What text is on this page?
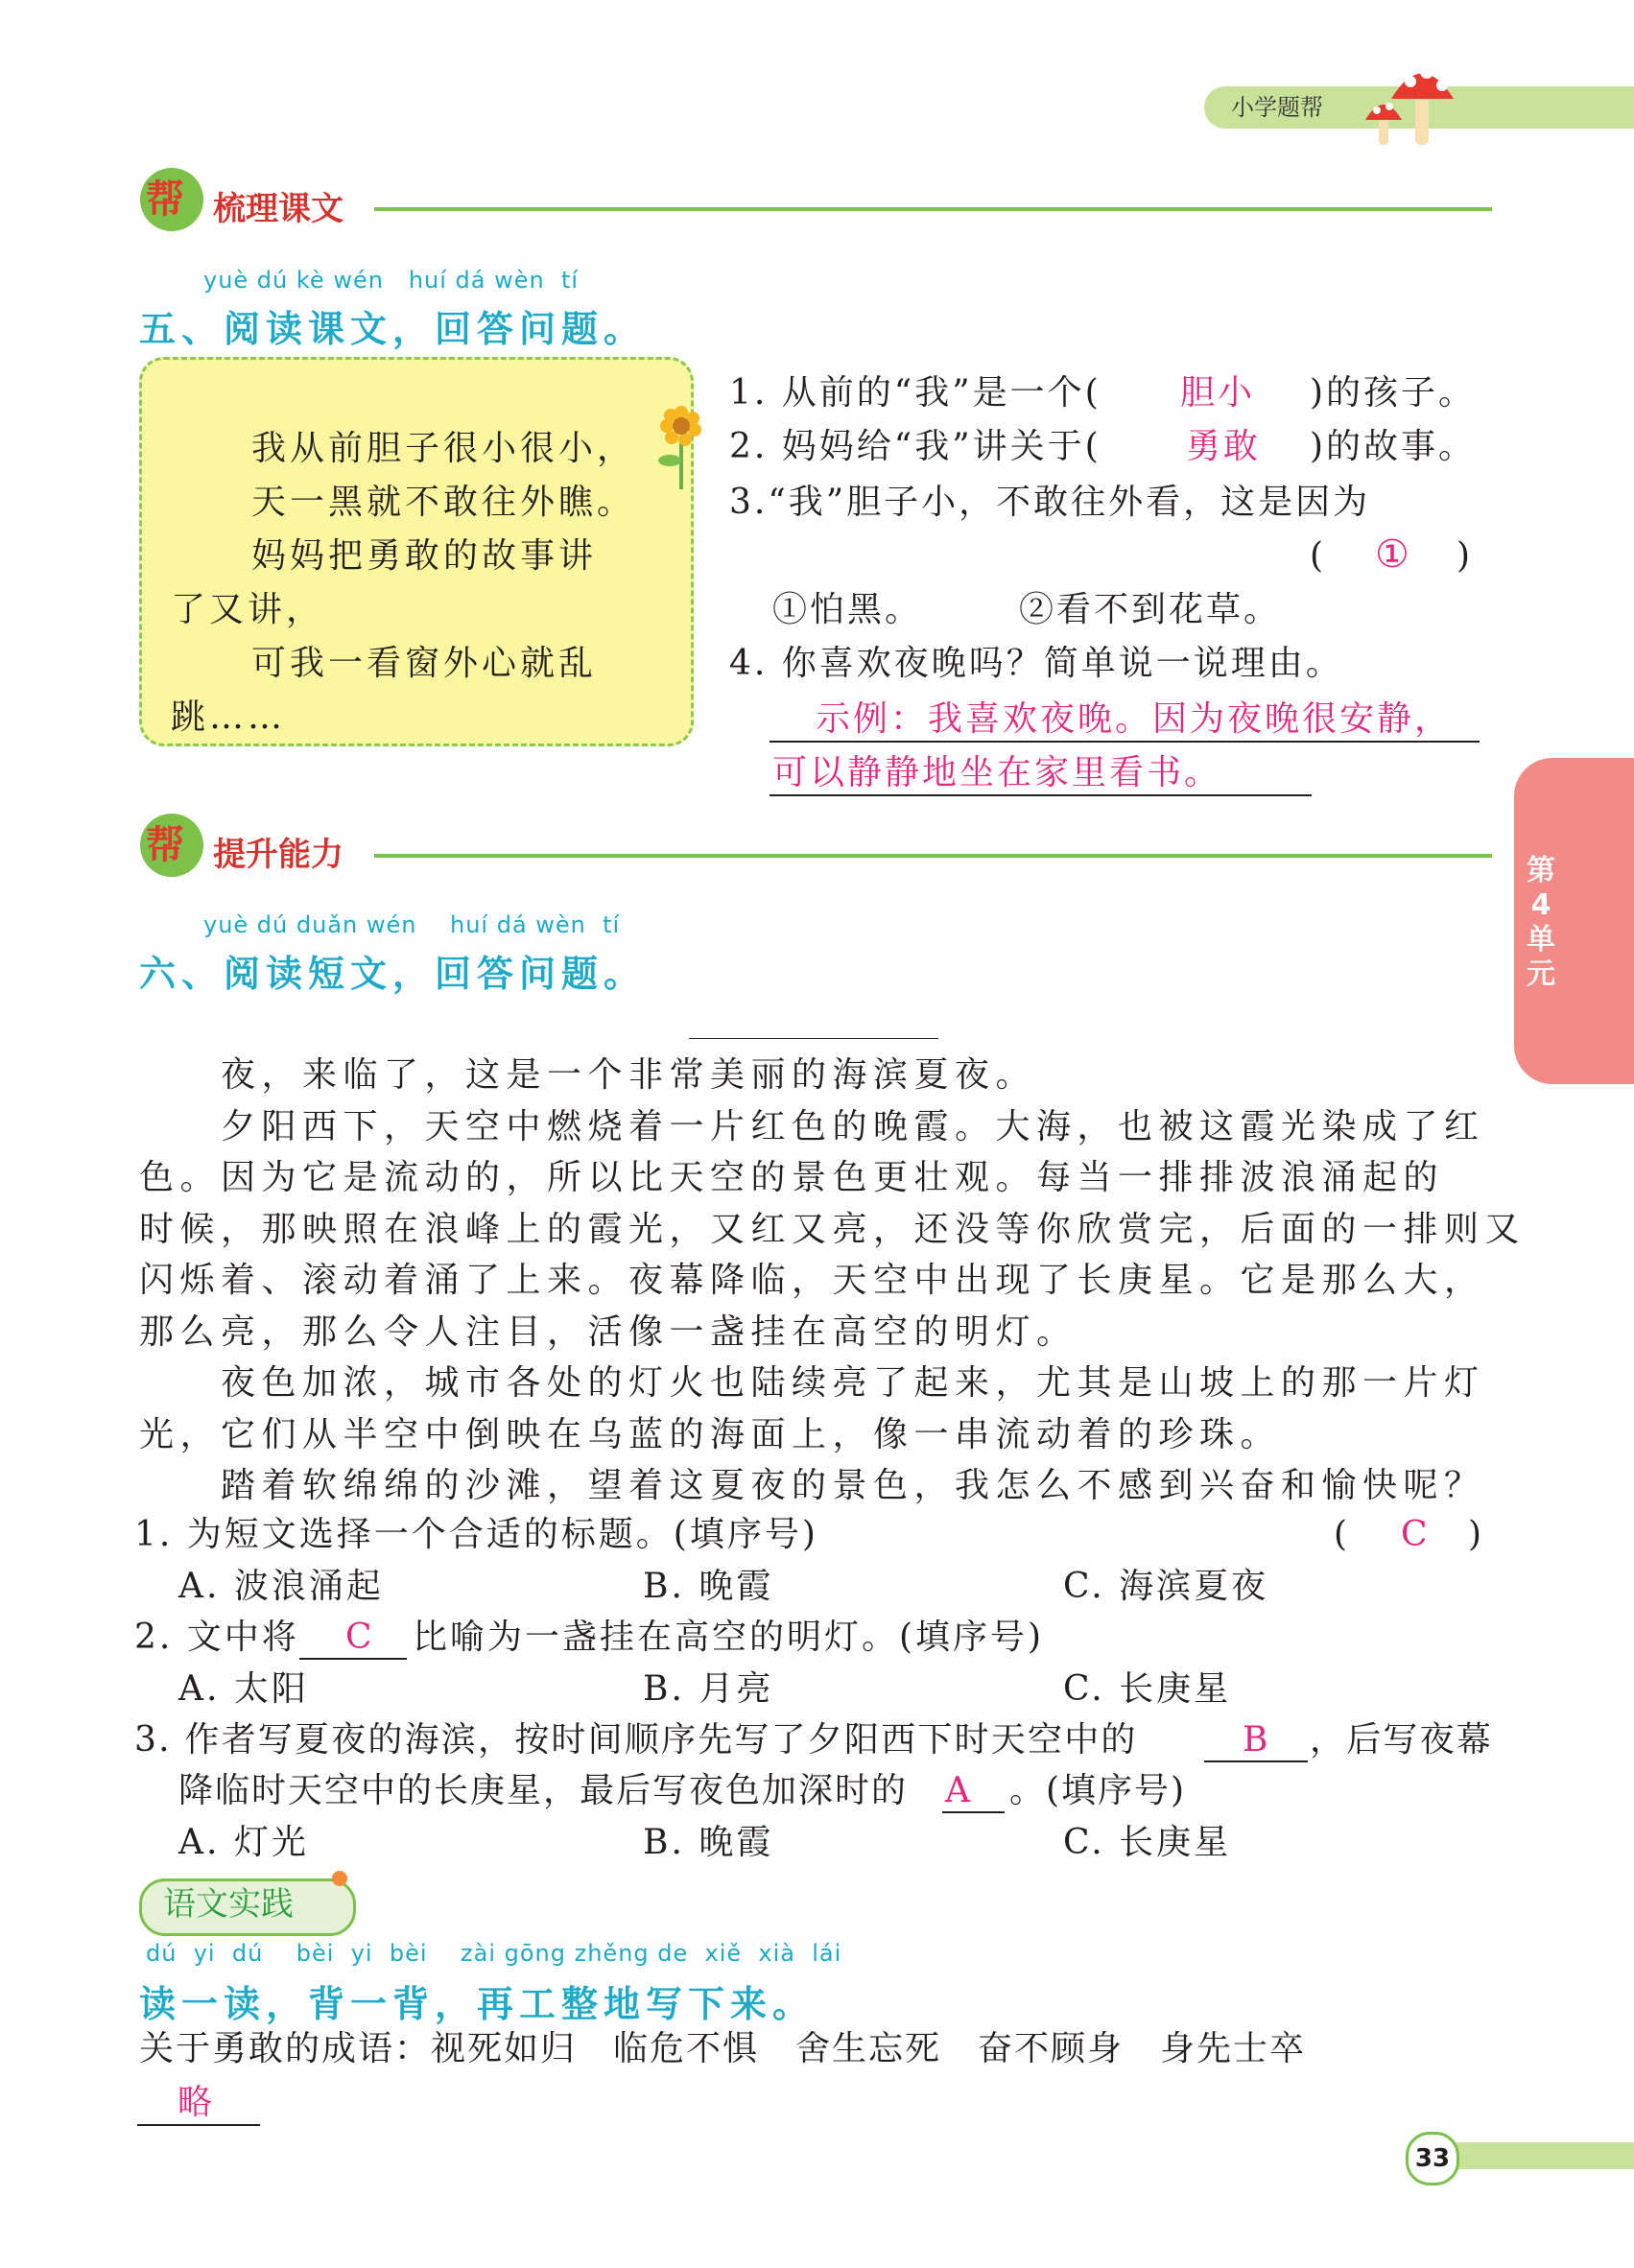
小学题帮
帮 梳理课文
yuè dú kè wén   huí dá wèn  tí
五、阅读课文，回答问题。
我从前胆子很小很小，
天一黑就不敢往外瞧。
妈妈把勇敢的故事讲
了又讲，
可我一看窗外心就乱
跳……
1. 从前的“我”是一个( 胆小 )的孩子。
2. 妈妈给“我”讲关于( 勇敢 )的故事。
3.“我”胆子小，不敢往外看，这是因为
( ① )
①怕黑。	②看不到花草。
4. 你喜欢夜晚吗？简单说一说理由。
示例：我喜欢夜晚。因为夜晚很安静，
可以静静地坐在家里看书。
帮 提升能力	第4单元
yuè dú duǎn wén    huí dá wèn  tí
六、阅读短文，回答问题。
夜，来临了，这是一个非常美丽的海滨夏夜。
夕阳西下，天空中燃烧着一片红色的晚霞。大海，也被这霞光染成了红
色。因为它是流动的，所以比天空的景色更壮观。每当一排排波浪涌起的
时候，那映照在浪峰上的霞光，又红又亮，还没等你欣赏完，后面的一排则又
闪烁着、滚动着涌了上来。夜幕降临，天空中出现了长庚星。它是那么大，
那么亮，那么令人注目，活像一盏挂在高空的明灯。
夜色加浓，城市各处的灯火也陆续亮了起来，尤其是山坡上的那一片灯
光，它们从半空中倒映在乌蓝的海面上，像一串流动着的珍珠。
踏着软绵绵的沙滩，望着这夏夜的景色，我怎么不感到兴奋和愉快呢？
1. 为短文选择一个合适的标题。(填序号)	( C )
A. 波浪涌起	B. 晚霞	C. 海滨夏夜
2. 文中将 C 比喻为一盏挂在高空的明灯。(填序号)
A. 太阳	B. 月亮	C. 长庚星
3. 作者写夏夜的海滨，按时间顺序先写了夕阳西下时天空中的	B ，后写夜幕
降临时天空中的长庚星，最后写夜色加深时的 A 。(填序号)
A. 灯光	B. 晚霞	C. 长庚星
语文实践
dú  yi  dú    bèi  yi  bèi    zài gōng zhěng de  xiě  xià  lái
读一读，背一背，再工整地写下来。
关于勇敢的成语：视死如归　临危不惧　舍生忘死　奋不顾身　身先士卒
略
33
